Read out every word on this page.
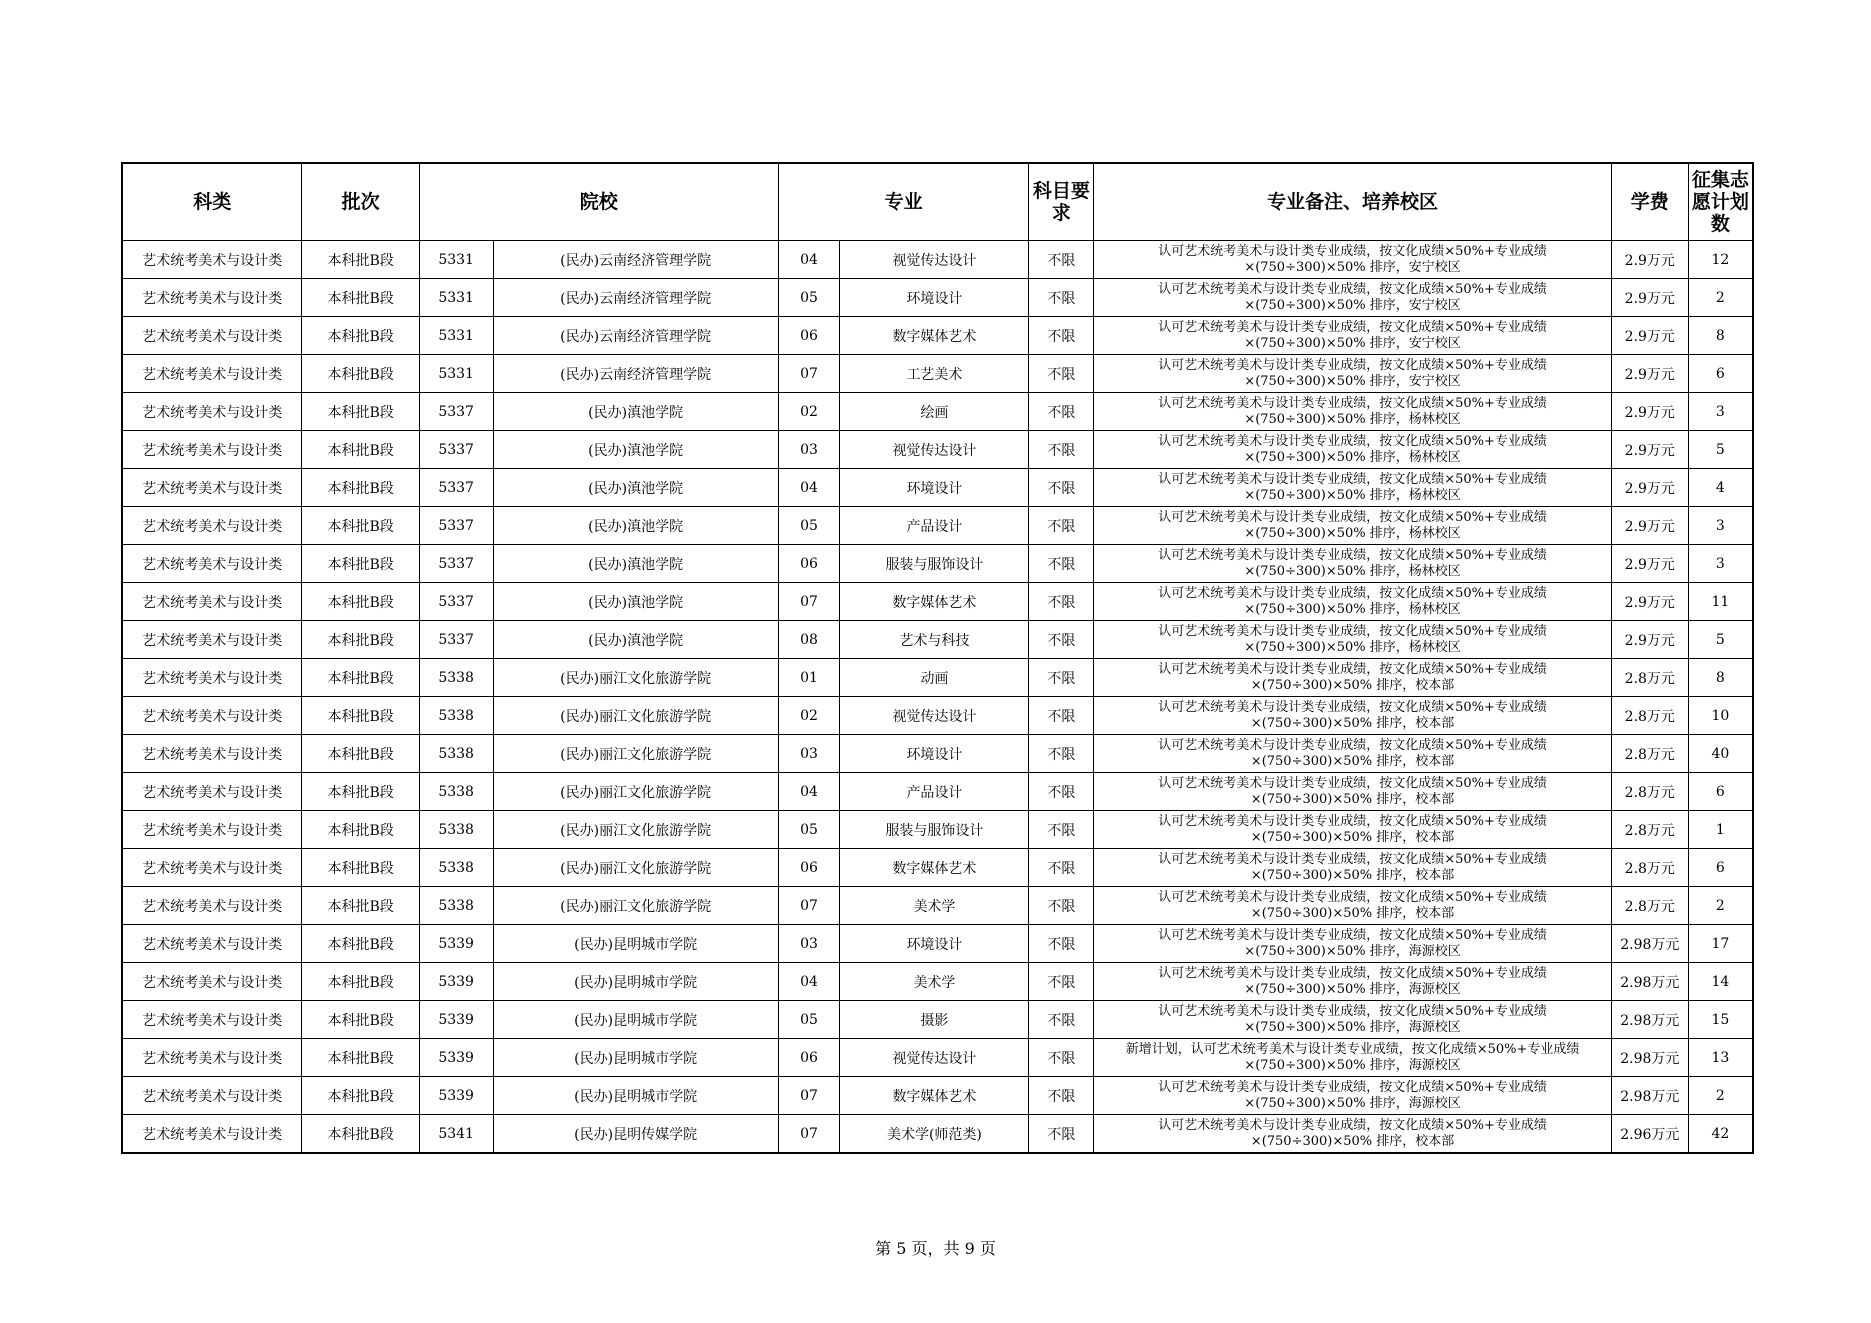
科类	批次	院校		专业		科目要求	专业备注、培养校区	学费	征集志愿计划数
艺术统考美术与设计类	本科批B段	5331	(民办)云南经济管理学院	04	视觉传达设计	不限	认可艺术统考美术与设计类专业成绩，按文化成绩×50%+专业成绩×(750÷300)×50% 排序，安宁校区	2.9万元	12
艺术统考美术与设计类	本科批B段	5331	(民办)云南经济管理学院	05	环境设计	不限	认可艺术统考美术与设计类专业成绩，按文化成绩×50%+专业成绩×(750÷300)×50% 排序，安宁校区	2.9万元	2
艺术统考美术与设计类	本科批B段	5331	(民办)云南经济管理学院	06	数字媒体艺术	不限	认可艺术统考美术与设计类专业成绩，按文化成绩×50%+专业成绩×(750÷300)×50% 排序，安宁校区	2.9万元	8
艺术统考美术与设计类	本科批B段	5331	(民办)云南经济管理学院	07	工艺美术	不限	认可艺术统考美术与设计类专业成绩，按文化成绩×50%+专业成绩×(750÷300)×50% 排序，安宁校区	2.9万元	6
艺术统考美术与设计类	本科批B段	5337	(民办)滇池学院	02	绘画	不限	认可艺术统考美术与设计类专业成绩，按文化成绩×50%+专业成绩×(750÷300)×50% 排序，杨林校区	2.9万元	3
艺术统考美术与设计类	本科批B段	5337	(民办)滇池学院	03	视觉传达设计	不限	认可艺术统考美术与设计类专业成绩，按文化成绩×50%+专业成绩×(750÷300)×50% 排序，杨林校区	2.9万元	5
艺术统考美术与设计类	本科批B段	5337	(民办)滇池学院	04	环境设计	不限	认可艺术统考美术与设计类专业成绩，按文化成绩×50%+专业成绩×(750÷300)×50% 排序，杨林校区	2.9万元	4
艺术统考美术与设计类	本科批B段	5337	(民办)滇池学院	05	产品设计	不限	认可艺术统考美术与设计类专业成绩，按文化成绩×50%+专业成绩×(750÷300)×50% 排序，杨林校区	2.9万元	3
艺术统考美术与设计类	本科批B段	5337	(民办)滇池学院	06	服装与服饰设计	不限	认可艺术统考美术与设计类专业成绩，按文化成绩×50%+专业成绩×(750÷300)×50% 排序，杨林校区	2.9万元	3
艺术统考美术与设计类	本科批B段	5337	(民办)滇池学院	07	数字媒体艺术	不限	认可艺术统考美术与设计类专业成绩，按文化成绩×50%+专业成绩×(750÷300)×50% 排序，杨林校区	2.9万元	11
艺术统考美术与设计类	本科批B段	5337	(民办)滇池学院	08	艺术与科技	不限	认可艺术统考美术与设计类专业成绩，按文化成绩×50%+专业成绩×(750÷300)×50% 排序，杨林校区	2.9万元	5
艺术统考美术与设计类	本科批B段	5338	(民办)丽江文化旅游学院	01	动画	不限	认可艺术统考美术与设计类专业成绩，按文化成绩×50%+专业成绩×(750÷300)×50% 排序，校本部	2.8万元	8
艺术统考美术与设计类	本科批B段	5338	(民办)丽江文化旅游学院	02	视觉传达设计	不限	认可艺术统考美术与设计类专业成绩，按文化成绩×50%+专业成绩×(750÷300)×50% 排序，校本部	2.8万元	10
艺术统考美术与设计类	本科批B段	5338	(民办)丽江文化旅游学院	03	环境设计	不限	认可艺术统考美术与设计类专业成绩，按文化成绩×50%+专业成绩×(750÷300)×50% 排序，校本部	2.8万元	40
艺术统考美术与设计类	本科批B段	5338	(民办)丽江文化旅游学院	04	产品设计	不限	认可艺术统考美术与设计类专业成绩，按文化成绩×50%+专业成绩×(750÷300)×50% 排序，校本部	2.8万元	6
艺术统考美术与设计类	本科批B段	5338	(民办)丽江文化旅游学院	05	服装与服饰设计	不限	认可艺术统考美术与设计类专业成绩，按文化成绩×50%+专业成绩×(750÷300)×50% 排序，校本部	2.8万元	1
艺术统考美术与设计类	本科批B段	5338	(民办)丽江文化旅游学院	06	数字媒体艺术	不限	认可艺术统考美术与设计类专业成绩，按文化成绩×50%+专业成绩×(750÷300)×50% 排序，校本部	2.8万元	6
艺术统考美术与设计类	本科批B段	5338	(民办)丽江文化旅游学院	07	美术学	不限	认可艺术统考美术与设计类专业成绩，按文化成绩×50%+专业成绩×(750÷300)×50% 排序，校本部	2.8万元	2
艺术统考美术与设计类	本科批B段	5339	(民办)昆明城市学院	03	环境设计	不限	认可艺术统考美术与设计类专业成绩，按文化成绩×50%+专业成绩×(750÷300)×50% 排序，海源校区	2.98万元	17
艺术统考美术与设计类	本科批B段	5339	(民办)昆明城市学院	04	美术学	不限	认可艺术统考美术与设计类专业成绩，按文化成绩×50%+专业成绩×(750÷300)×50% 排序，海源校区	2.98万元	14
艺术统考美术与设计类	本科批B段	5339	(民办)昆明城市学院	05	摄影	不限	认可艺术统考美术与设计类专业成绩，按文化成绩×50%+专业成绩×(750÷300)×50% 排序，海源校区	2.98万元	15
艺术统考美术与设计类	本科批B段	5339	(民办)昆明城市学院	06	视觉传达设计	不限	新增计划，认可艺术统考美术与设计类专业成绩，按文化成绩×50%+专业成绩×(750÷300)×50% 排序，海源校区	2.98万元	13
艺术统考美术与设计类	本科批B段	5339	(民办)昆明城市学院	07	数字媒体艺术	不限	认可艺术统考美术与设计类专业成绩，按文化成绩×50%+专业成绩×(750÷300)×50% 排序，海源校区	2.98万元	2
艺术统考美术与设计类	本科批B段	5341	(民办)昆明传媒学院	07	美术学(师范类)	不限	认可艺术统考美术与设计类专业成绩，按文化成绩×50%+专业成绩×(750÷300)×50% 排序，校本部	2.96万元	42
第 5 页，共 9 页
